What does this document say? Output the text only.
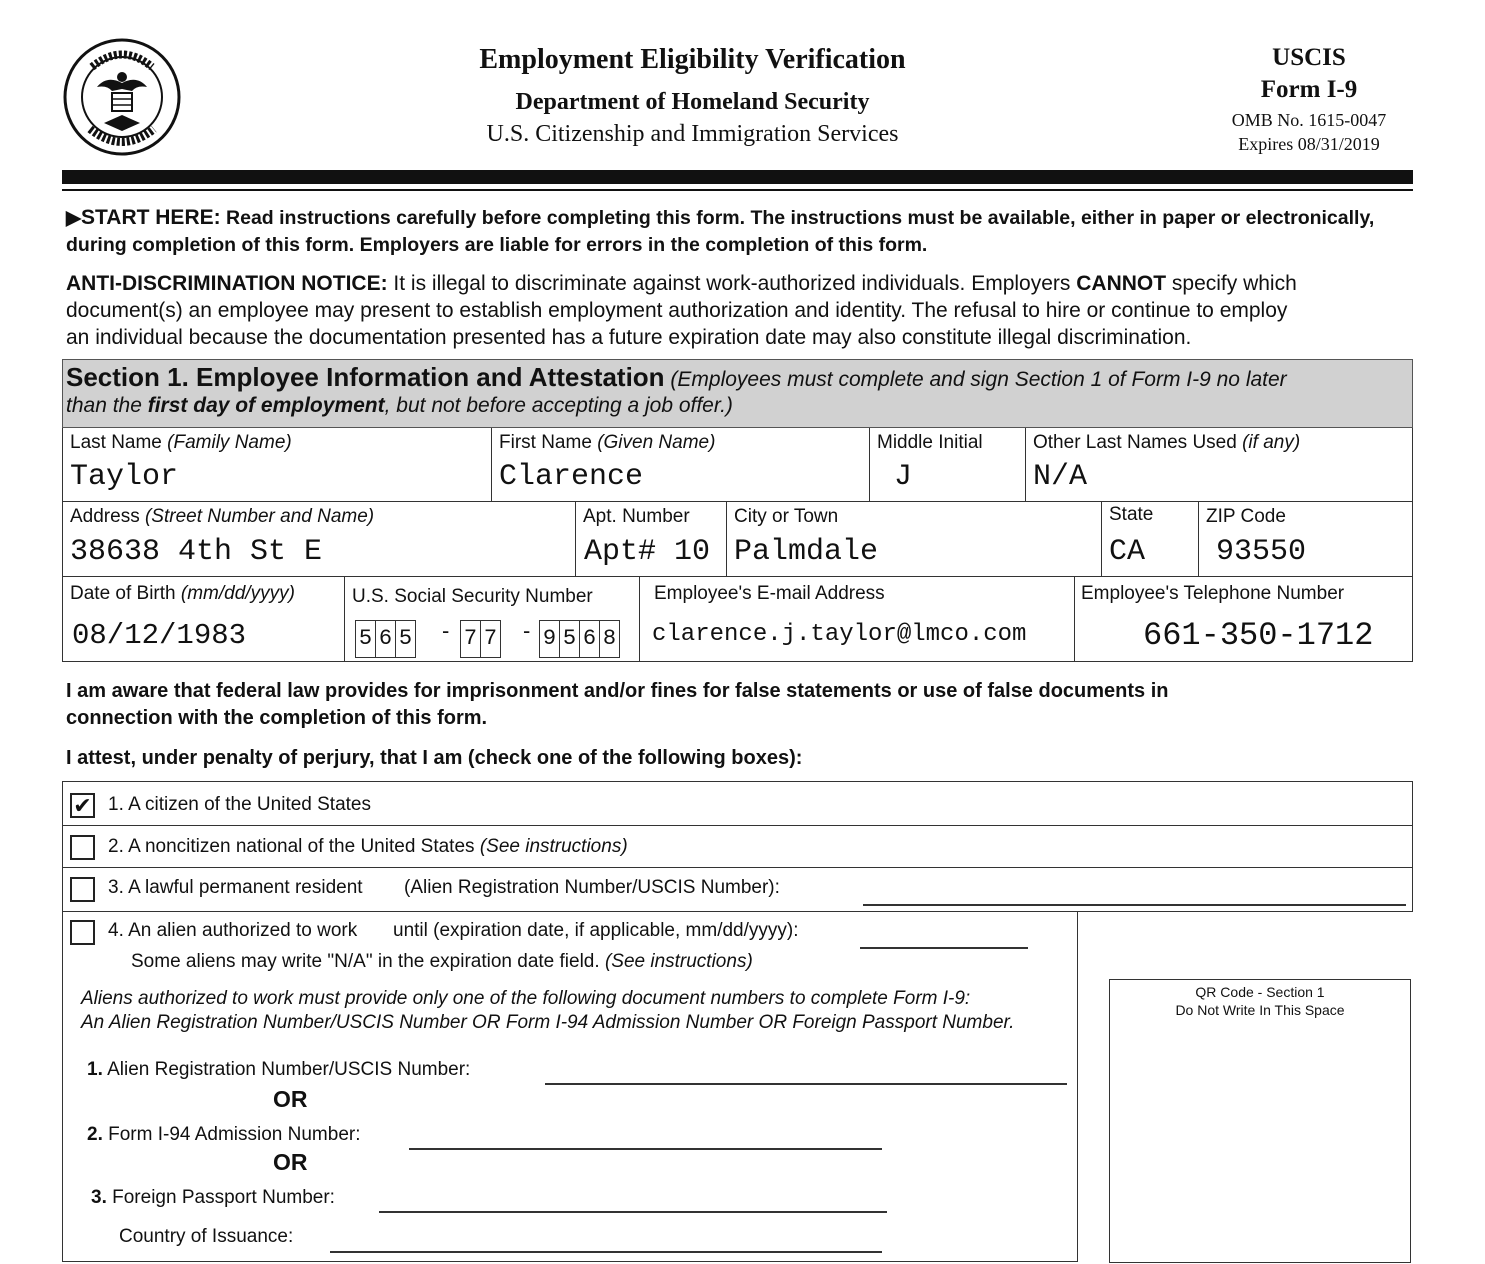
Employment Eligibility Verification
Department of Homeland Security
U.S. Citizenship and Immigration Services
USCIS
Form I-9
OMB No. 1615-0047
Expires 08/31/2019
▶START HERE: Read instructions carefully before completing this form. The instructions must be available, either in paper or electronically,
during completion of this form. Employers are liable for errors in the completion of this form.
ANTI-DISCRIMINATION NOTICE: It is illegal to discriminate against work-authorized individuals. Employers CANNOT specify which
document(s) an employee may present to establish employment authorization and identity. The refusal to hire or continue to employ
an individual because the documentation presented has a future expiration date may also constitute illegal discrimination.
Section 1. Employee Information and Attestation (Employees must complete and sign Section 1 of Form I-9 no later
than the first day of employment, but not before accepting a job offer.)
Last Name (Family Name)
Taylor
First Name (Given Name)
Clarence
Middle Initial
J
Other Last Names Used (if any)
N/A
Address (Street Number and Name)
38638 4th St E
Apt. Number
Apt# 10
City or Town
Palmdale
State
CA
ZIP Code
93550
Date of Birth (mm/dd/yyyy)
08/12/1983
U.S. Social Security Number
5 6 5 - 7 7 - 9 5 6 8
Employee's E-mail Address
clarence.j.taylor@lmco.com
Employee's Telephone Number
661-350-1712
I am aware that federal law provides for imprisonment and/or fines for false statements or use of false documents in
connection with the completion of this form.
I attest, under penalty of perjury, that I am (check one of the following boxes):
✔ 1. A citizen of the United States
2. A noncitizen national of the United States (See instructions)
3. A lawful permanent resident (Alien Registration Number/USCIS Number):
4. An alien authorized to work until (expiration date, if applicable, mm/dd/yyyy):
Some aliens may write "N/A" in the expiration date field. (See instructions)
Aliens authorized to work must provide only one of the following document numbers to complete Form I-9:
An Alien Registration Number/USCIS Number OR Form I-94 Admission Number OR Foreign Passport Number.
1. Alien Registration Number/USCIS Number:
OR
2. Form I-94 Admission Number:
OR
3. Foreign Passport Number:
Country of Issuance:
QR Code - Section 1
Do Not Write In This Space
